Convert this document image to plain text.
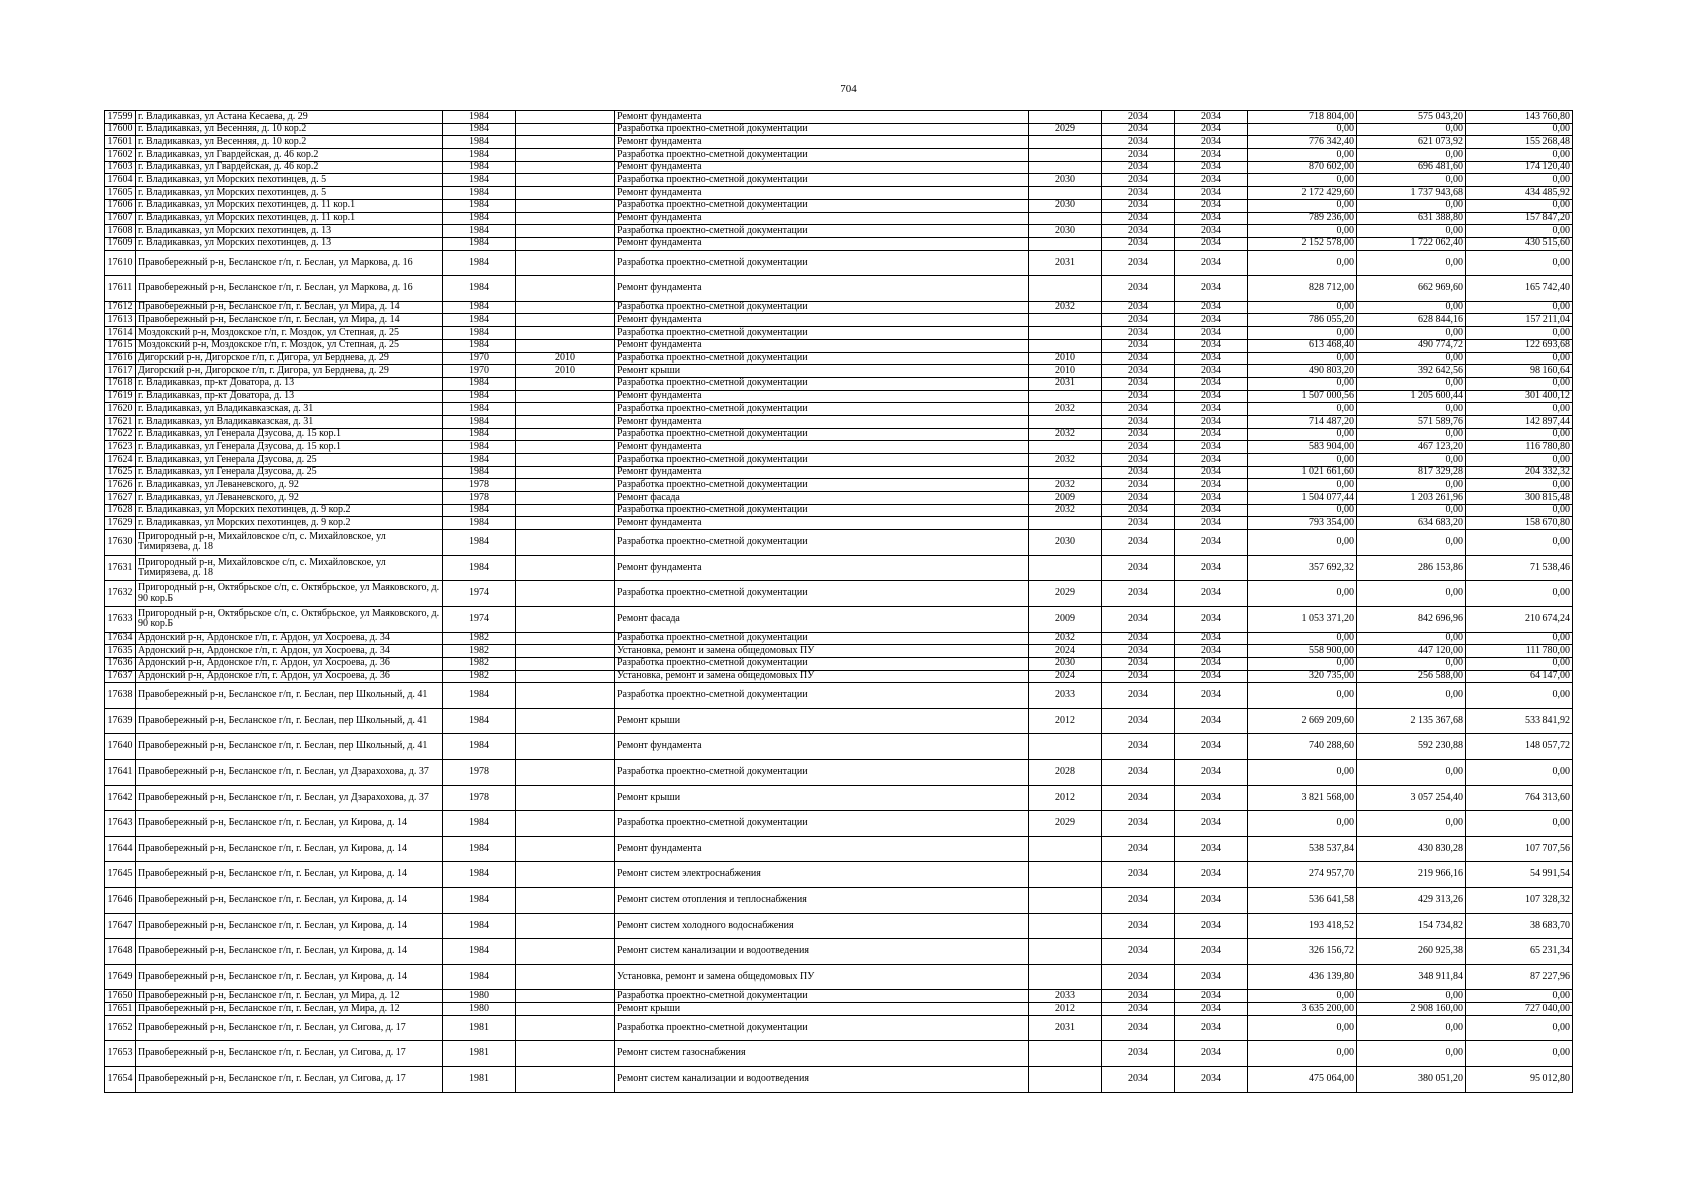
704
17599	г. Владикавказ, ул Астана Кесаева, д. 29	1984		Ремонт фундамента		2034	2034	718 804,00	575 043,20	143 760,80
17600	г. Владикавказ, ул Весенняя, д. 10 кор.2	1984		Разработка проектно-сметной документации	2029	2034	2034	0,00	0,00	0,00
17601	г. Владикавказ, ул Весенняя, д. 10 кор.2	1984		Ремонт фундамента		2034	2034	776 342,40	621 073,92	155 268,48
17602	г. Владикавказ, ул Гвардейская, д. 46 кор.2	1984		Разработка проектно-сметной документации		2034	2034	0,00	0,00	0,00
17603	г. Владикавказ, ул Гвардейская, д. 46 кор.2	1984		Ремонт фундамента		2034	2034	870 602,00	696 481,60	174 120,40
17604	г. Владикавказ, ул Морских пехотинцев, д. 5	1984		Разработка проектно-сметной документации	2030	2034	2034	0,00	0,00	0,00
17605	г. Владикавказ, ул Морских пехотинцев, д. 5	1984		Ремонт фундамента		2034	2034	2 172 429,60	1 737 943,68	434 485,92
17606	г. Владикавказ, ул Морских пехотинцев, д. 11 кор.1	1984		Разработка проектно-сметной документации	2030	2034	2034	0,00	0,00	0,00
17607	г. Владикавказ, ул Морских пехотинцев, д. 11 кор.1	1984		Ремонт фундамента		2034	2034	789 236,00	631 388,80	157 847,20
17608	г. Владикавказ, ул Морских пехотинцев, д. 13	1984		Разработка проектно-сметной документации	2030	2034	2034	0,00	0,00	0,00
17609	г. Владикавказ, ул Морских пехотинцев, д. 13	1984		Ремонт фундамента		2034	2034	2 152 578,00	1 722 062,40	430 515,60
17610	Правобережный р-н, Беcланское г/п, г. Беслан, ул Маркова, д. 16	1984		Разработка проектно-сметной документации	2031	2034	2034	0,00	0,00	0,00
17611	Правобережный р-н, Беcланское г/п, г. Беслан, ул Маркова, д. 16	1984		Ремонт фундамента		2034	2034	828 712,00	662 969,60	165 742,40
17612	Правобережный р-н, Беcланское г/п, г. Беслан, ул Мира, д. 14	1984		Разработка проектно-сметной документации	2032	2034	2034	0,00	0,00	0,00
17613	Правобережный р-н, Беcланское г/п, г. Беслан, ул Мира, д. 14	1984		Ремонт фундамента		2034	2034	786 055,20	628 844,16	157 211,04
17614	Моздокский р-н, Моздокское г/п, г. Моздок, ул Степная, д. 25	1984		Разработка проектно-сметной документации		2034	2034	0,00	0,00	0,00
17615	Моздокский р-н, Моздокское г/п, г. Моздок, ул Степная, д. 25	1984		Ремонт фундамента		2034	2034	613 468,40	490 774,72	122 693,68
17616	Дигорский р-н, Дигорское г/п, г. Дигора, ул Берднева, д. 29	1970	2010	Разработка проектно-сметной документации	2010	2034	2034	0,00	0,00	0,00
17617	Дигорский р-н, Дигорское г/п, г. Дигора, ул Берднева, д. 29	1970	2010	Ремонт крыши	2010	2034	2034	490 803,20	392 642,56	98 160,64
17618	г. Владикавказ, пр-кт Доватора, д. 13	1984		Разработка проектно-сметной документации	2031	2034	2034	0,00	0,00	0,00
17619	г. Владикавказ, пр-кт Доватора, д. 13	1984		Ремонт фундамента		2034	2034	1 507 000,56	1 205 600,44	301 400,12
17620	г. Владикавказ, ул Владикавказская, д. 31	1984		Разработка проектно-сметной документации	2032	2034	2034	0,00	0,00	0,00
17621	г. Владикавказ, ул Владикавказская, д. 31	1984		Ремонт фундамента		2034	2034	714 487,20	571 589,76	142 897,44
17622	г. Владикавказ, ул Генерала Дзусова, д. 15 кор.1	1984		Разработка проектно-сметной документации	2032	2034	2034	0,00	0,00	0,00
17623	г. Владикавказ, ул Генерала Дзусова, д. 15 кор.1	1984		Ремонт фундамента		2034	2034	583 904,00	467 123,20	116 780,80
17624	г. Владикавказ, ул Генерала Дзусова, д. 25	1984		Разработка проектно-сметной документации	2032	2034	2034	0,00	0,00	0,00
17625	г. Владикавказ, ул Генерала Дзусова, д. 25	1984		Ремонт фундамента		2034	2034	1 021 661,60	817 329,28	204 332,32
17626	г. Владикавказ, ул Леваневского, д. 92	1978		Разработка проектно-сметной документации	2032	2034	2034	0,00	0,00	0,00
17627	г. Владикавказ, ул Леваневского, д. 92	1978		Ремонт фасада	2009	2034	2034	1 504 077,44	1 203 261,96	300 815,48
17628	г. Владикавказ, ул Морских пехотинцев, д. 9 кор.2	1984		Разработка проектно-сметной документации	2032	2034	2034	0,00	0,00	0,00
17629	г. Владикавказ, ул Морских пехотинцев, д. 9 кор.2	1984		Ремонт фундамента		2034	2034	793 354,00	634 683,20	158 670,80
17630	Пригородный р-н, Михайловское с/п, с. Михайловское, ул Тимирязева, д. 18	1984		Разработка проектно-сметной документации	2030	2034	2034	0,00	0,00	0,00
17631	Пригородный р-н, Михайловское с/п, с. Михайловское, ул Тимирязева, д. 18	1984		Ремонт фундамента		2034	2034	357 692,32	286 153,86	71 538,46
17632	Пригородный р-н, Октябрьское с/п, с. Октябрьское, ул Маяковского, д. 90 кор.Б	1974		Разработка проектно-сметной документации	2029	2034	2034	0,00	0,00	0,00
17633	Пригородный р-н, Октябрьское с/п, с. Октябрьское, ул Маяковского, д. 90 кор.Б	1974		Ремонт фасада	2009	2034	2034	1 053 371,20	842 696,96	210 674,24
17634	Ардонский р-н, Ардонское г/п, г. Ардон, ул Хосроева, д. 34	1982		Разработка проектно-сметной документации	2032	2034	2034	0,00	0,00	0,00
17635	Ардонский р-н, Ардонское г/п, г. Ардон, ул Хосроева, д. 34	1982		Установка, ремонт и замена общедомовых ПУ	2024	2034	2034	558 900,00	447 120,00	111 780,00
17636	Ардонский р-н, Ардонское г/п, г. Ардон, ул Хосроева, д. 36	1982		Разработка проектно-сметной документации	2030	2034	2034	0,00	0,00	0,00
17637	Ардонский р-н, Ардонское г/п, г. Ардон, ул Хосроева, д. 36	1982		Установка, ремонт и замена общедомовых ПУ	2024	2034	2034	320 735,00	256 588,00	64 147,00
17638	Правобережный р-н, Беcланское г/п, г. Беслан, пер Школьный, д. 41	1984		Разработка проектно-сметной документации	2033	2034	2034	0,00	0,00	0,00
17639	Правобережный р-н, Беcланское г/п, г. Беслан, пер Школьный, д. 41	1984		Ремонт крыши	2012	2034	2034	2 669 209,60	2 135 367,68	533 841,92
17640	Правобережный р-н, Беcланское г/п, г. Беслан, пер Школьный, д. 41	1984		Ремонт фундамента		2034	2034	740 288,60	592 230,88	148 057,72
17641	Правобережный р-н, Беcланское г/п, г. Беслан, ул Дзарахохова, д. 37	1978		Разработка проектно-сметной документации	2028	2034	2034	0,00	0,00	0,00
17642	Правобережный р-н, Беcланское г/п, г. Беслан, ул Дзарахохова, д. 37	1978		Ремонт крыши	2012	2034	2034	3 821 568,00	3 057 254,40	764 313,60
17643	Правобережный р-н, Беcланское г/п, г. Беслан, ул Кирова, д. 14	1984		Разработка проектно-сметной документации	2029	2034	2034	0,00	0,00	0,00
17644	Правобережный р-н, Беcланское г/п, г. Беслан, ул Кирова, д. 14	1984		Ремонт фундамента		2034	2034	538 537,84	430 830,28	107 707,56
17645	Правобережный р-н, Беcланское г/п, г. Беслан, ул Кирова, д. 14	1984		Ремонт систем электроснабжения		2034	2034	274 957,70	219 966,16	54 991,54
17646	Правобережный р-н, Беcланское г/п, г. Беслан, ул Кирова, д. 14	1984		Ремонт систем отопления и теплоснабжения		2034	2034	536 641,58	429 313,26	107 328,32
17647	Правобережный р-н, Беcланское г/п, г. Беслан, ул Кирова, д. 14	1984		Ремонт систем холодного водоснабжения		2034	2034	193 418,52	154 734,82	38 683,70
17648	Правобережный р-н, Беcланское г/п, г. Беслан, ул Кирова, д. 14	1984		Ремонт систем канализации и водоотведения		2034	2034	326 156,72	260 925,38	65 231,34
17649	Правобережный р-н, Беcланское г/п, г. Беслан, ул Кирова, д. 14	1984		Установка, ремонт и замена общедомовых ПУ		2034	2034	436 139,80	348 911,84	87 227,96
17650	Правобережный р-н, Беcланское г/п, г. Беслан, ул Мира, д. 12	1980		Разработка проектно-сметной документации	2033	2034	2034	0,00	0,00	0,00
17651	Правобережный р-н, Беcланское г/п, г. Беслан, ул Мира, д. 12	1980		Ремонт крыши	2012	2034	2034	3 635 200,00	2 908 160,00	727 040,00
17652	Правобережный р-н, Беcланское г/п, г. Беслан, ул Сигова, д. 17	1981		Разработка проектно-сметной документации	2031	2034	2034	0,00	0,00	0,00
17653	Правобережный р-н, Беcланское г/п, г. Беслан, ул Сигова, д. 17	1981		Ремонт систем газоснабжения		2034	2034	0,00	0,00	0,00
17654	Правобережный р-н, Беcланское г/п, г. Беслан, ул Сигова, д. 17	1981		Ремонт систем канализации и водоотведения		2034	2034	475 064,00	380 051,20	95 012,80
